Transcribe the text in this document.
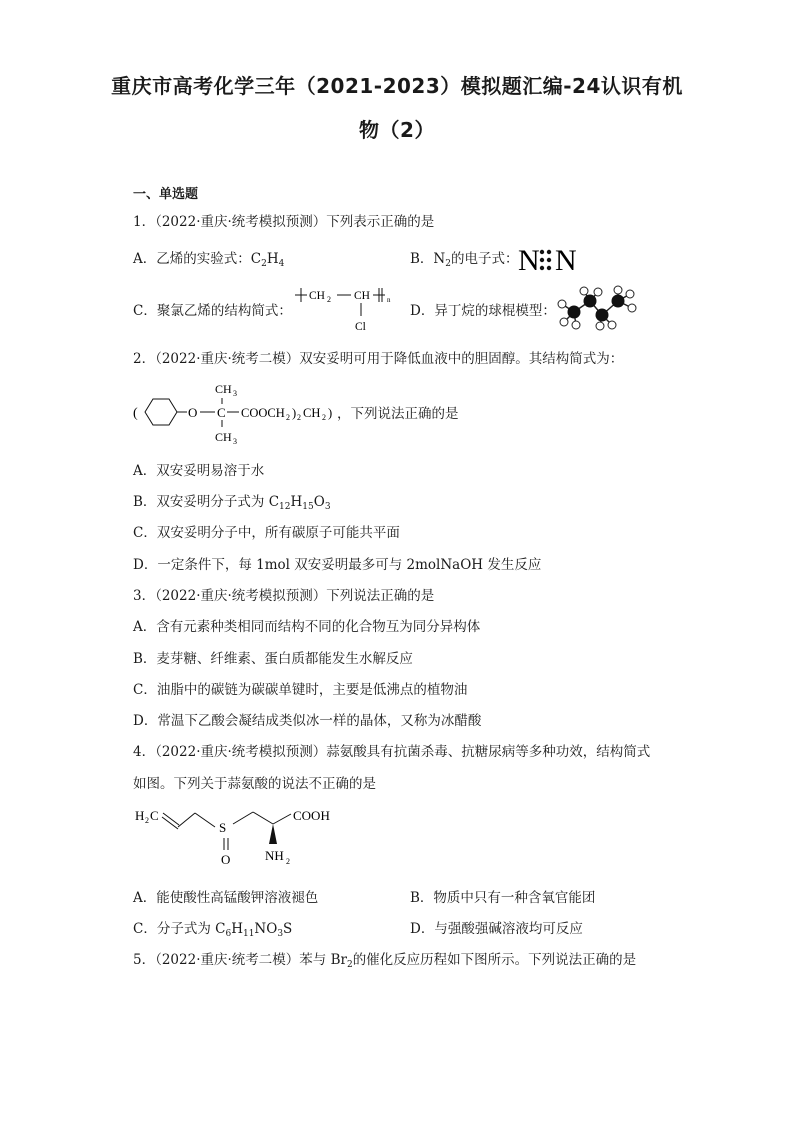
重庆市高考化学三年（2021-2023）模拟题汇编-24认识有机
物（2）
一、单选题
1．（2022·重庆·统考模拟预测）下列表示正确的是
A．乙烯的实验式：$C_2H_4$	B．$N_2$的电子式： N N
C．聚氯乙烯的结构简式：
CH 2 CH n
Cl
D．异丁烷的球棍模型：
2．（2022·重庆·统考二模）双安妥明可用于降低血液中的胆固醇。其结构简式为：
(	O C
CH 3
CH 3
COOCH 2 ) 2 CH 2 ) ，下列说法正确的是
A．双安妥明易溶于水
B．双安妥明分子式为 $C_{12}H_{15}O_3$
C．双安妥明分子中，所有碳原子可能共平面
D．一定条件下，每 1mol 双安妥明最多可与 2molNaOH 发生反应
3．（2022·重庆·统考模拟预测）下列说法正确的是
A．含有元素种类相同而结构不同的化合物互为同分异构体
B．麦芽糖、纤维素、蛋白质都能发生水解反应
C．油脂中的碳链为碳碳单键时，主要是低沸点的植物油
D．常温下乙酸会凝结成类似冰一样的晶体，又称为冰醋酸
4．（2022·重庆·统考模拟预测）蒜氨酸具有抗菌杀毒、抗糖尿病等多种功效，结构简式
如图。下列关于蒜氨酸的说法不正确的是
H 2 C
S
O
COOH
NH 2
A．能使酸性高锰酸钾溶液褪色	B．物质中只有一种含氧官能团
C．分子式为 $C_6H_{11}NO_3S$	D．与强酸强碱溶液均可反应
5．（2022·重庆·统考二模）苯与 $Br_2$的催化反应历程如下图所示。下列说法正确的是
